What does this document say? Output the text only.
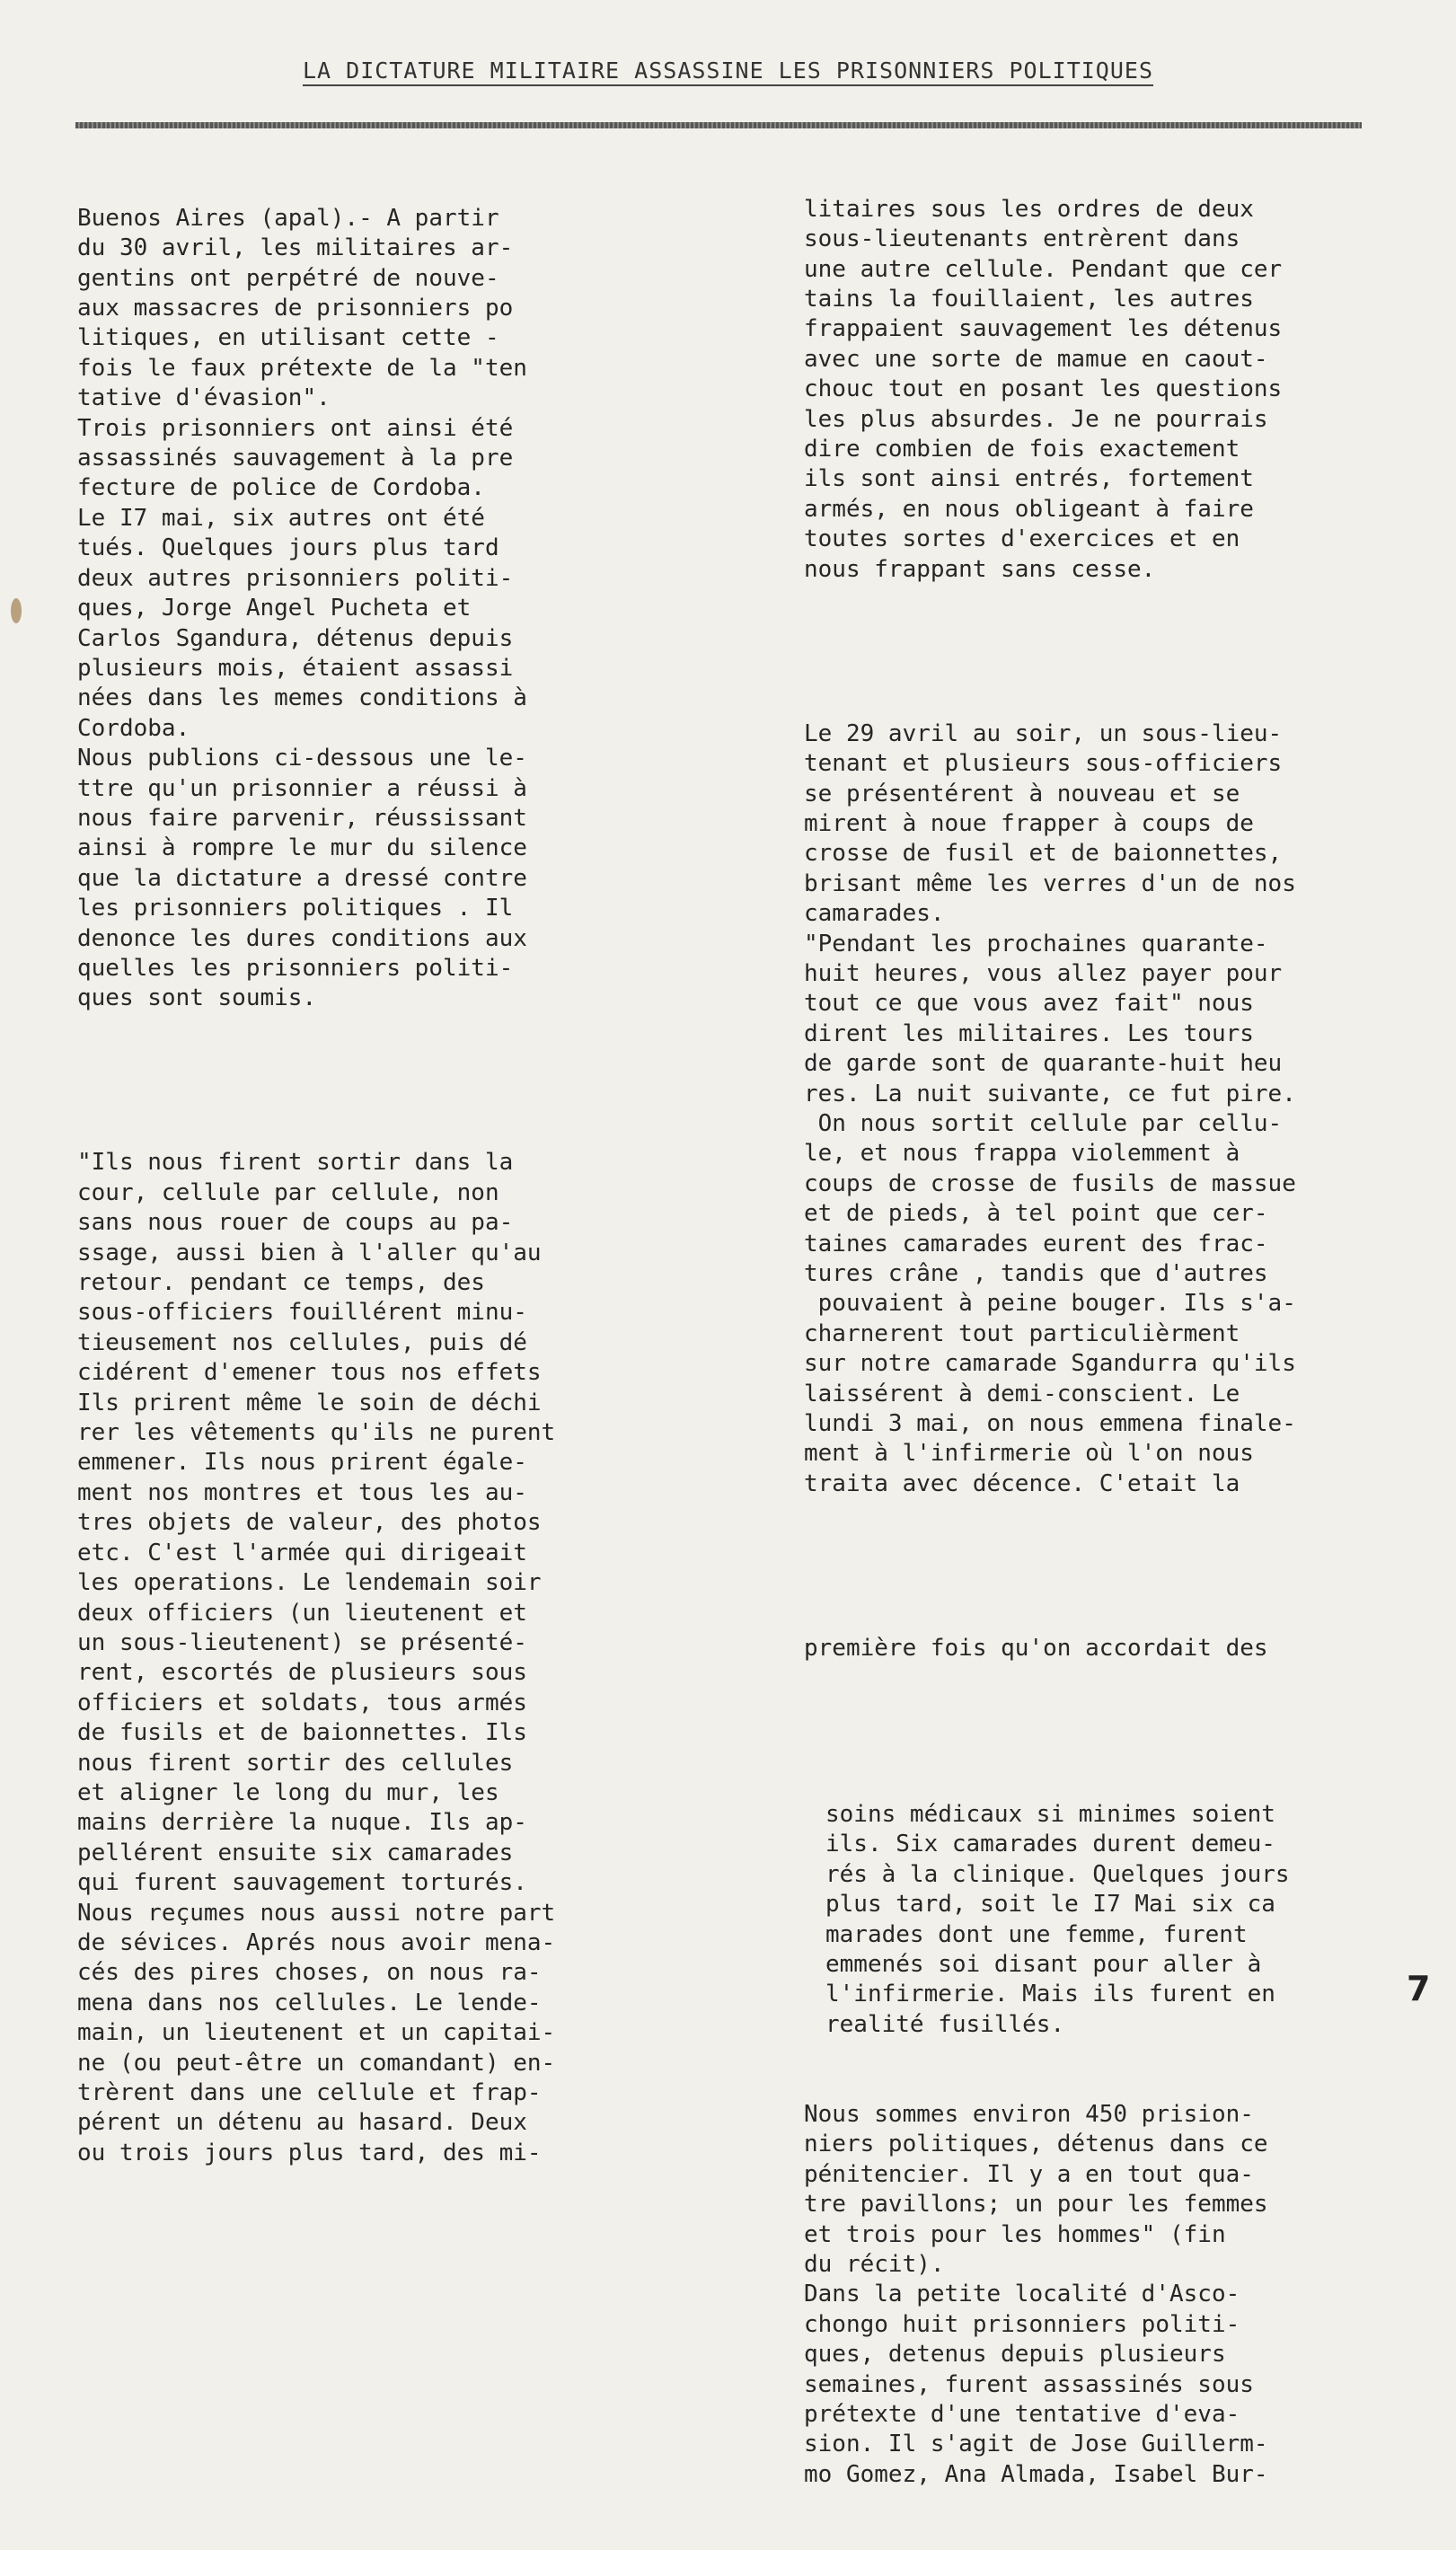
LA DICTATURE MILITAIRE ASSASSINE LES PRISONNIERS POLITIQUES

Buenos Aires (apal).- A partir
du 30 avril, les militaires ar-
gentins ont perpétré de nouve-
aux massacres de prisonniers po
litiques, en utilisant cette -
fois le faux prétexte de la "ten
tative d'évasion".
Trois prisonniers ont ainsi été
assassinés sauvagement à la pre
fecture de police de Cordoba.
Le I7 mai, six autres ont été
tués. Quelques jours plus tard
deux autres prisonniers politi-
ques, Jorge Angel Pucheta et
Carlos Sgandura, détenus depuis
plusieurs mois, étaient assassi
nées dans les memes conditions à
Cordoba.
Nous publions ci-dessous une le-
ttre qu'un prisonnier a réussi à
nous faire parvenir, réussissant
ainsi à rompre le mur du silence
que la dictature a dressé contre
les prisonniers politiques . Il
denonce les dures conditions aux
quelles les prisonniers politi-
ques sont soumis.

"Ils nous firent sortir dans la
cour, cellule par cellule, non
sans nous rouer de coups au pa-
ssage, aussi bien à l'aller qu'au
retour. pendant ce temps, des
sous-officiers fouillérent minu-
tieusement nos cellules, puis dé
cidérent d'emener tous nos effets
Ils prirent même le soin de déchi
rer les vêtements qu'ils ne purent
emmener. Ils nous prirent égale-
ment nos montres et tous les au-
tres objets de valeur, des photos
etc. C'est l'armée qui dirigeait
les operations. Le lendemain soir
deux officiers (un lieutenent et
un sous-lieutenent) se présenté-
rent, escortés de plusieurs sous
officiers et soldats, tous armés
de fusils et de baionnettes. Ils
nous firent sortir des cellules
et aligner le long du mur, les
mains derrière la nuque. Ils ap-
pellérent ensuite six camarades
qui furent sauvagement torturés.
Nous reçumes nous aussi notre part
de sévices. Aprés nous avoir mena-
cés des pires choses, on nous ra-
mena dans nos cellules. Le lende-
main, un lieutenent et un capitai-
ne (ou peut-être un comandant) en-
trèrent dans une cellule et frap-
pérent un détenu au hasard. Deux
ou trois jours plus tard, des mi-

litaires sous les ordres de deux
sous-lieutenants entrèrent dans
une autre cellule. Pendant que cer
tains la fouillaient, les autres
frappaient sauvagement les détenus
avec une sorte de mamue en caout-
chouc tout en posant les questions
les plus absurdes. Je ne pourrais
dire combien de fois exactement
ils sont ainsi entrés, fortement
armés, en nous obligeant à faire
toutes sortes d'exercices et en
nous frappant sans cesse.

Le 29 avril au soir, un sous-lieu-
tenant et plusieurs sous-officiers
se présentérent à nouveau et se
mirent à noue frapper à coups de
crosse de fusil et de baionnettes,
brisant même les verres d'un de nos
camarades.
"Pendant les prochaines quarante-
huit heures, vous allez payer pour
tout ce que vous avez fait" nous
dirent les militaires. Les tours
de garde sont de quarante-huit heu
res. La nuit suivante, ce fut pire.
On nous sortit cellule par cellu-
le, et nous frappa violemment à
coups de crosse de fusils de massue
et de pieds, à tel point que cer-
taines camarades eurent des frac-
tures crâne , tandis que d'autres
pouvaient à peine bouger. Ils s'a-
charnerent tout particulièrment
sur notre camarade Sgandurra qu'ils
laissérent à demi-conscient. Le
lundi 3 mai, on nous emmena finale-
ment à l'infirmerie où l'on nous
traita avec décence. C'etait la

première fois qu'on accordait des

soins médicaux si minimes soient
ils. Six camarades durent demeu-
rés à la clinique. Quelques jours
plus tard, soit le I7 Mai six ca
marades dont une femme, furent
emmenés soi disant pour aller à
l'infirmerie. Mais ils furent en
realité fusillés.

Nous sommes environ 450 prision-
niers politiques, détenus dans ce
pénitencier. Il y a en tout qua-
tre pavillons; un pour les femmes
et trois pour les hommes" (fin
du récit).
Dans la petite localité d'Asco-
chongo huit prisonniers politi-
ques, detenus depuis plusieurs
semaines, furent assassinés sous
prétexte d'une tentative d'eva-
sion. Il s'agit de Jose Guillerm-
mo Gomez, Ana Almada, Isabel Bur-

7
